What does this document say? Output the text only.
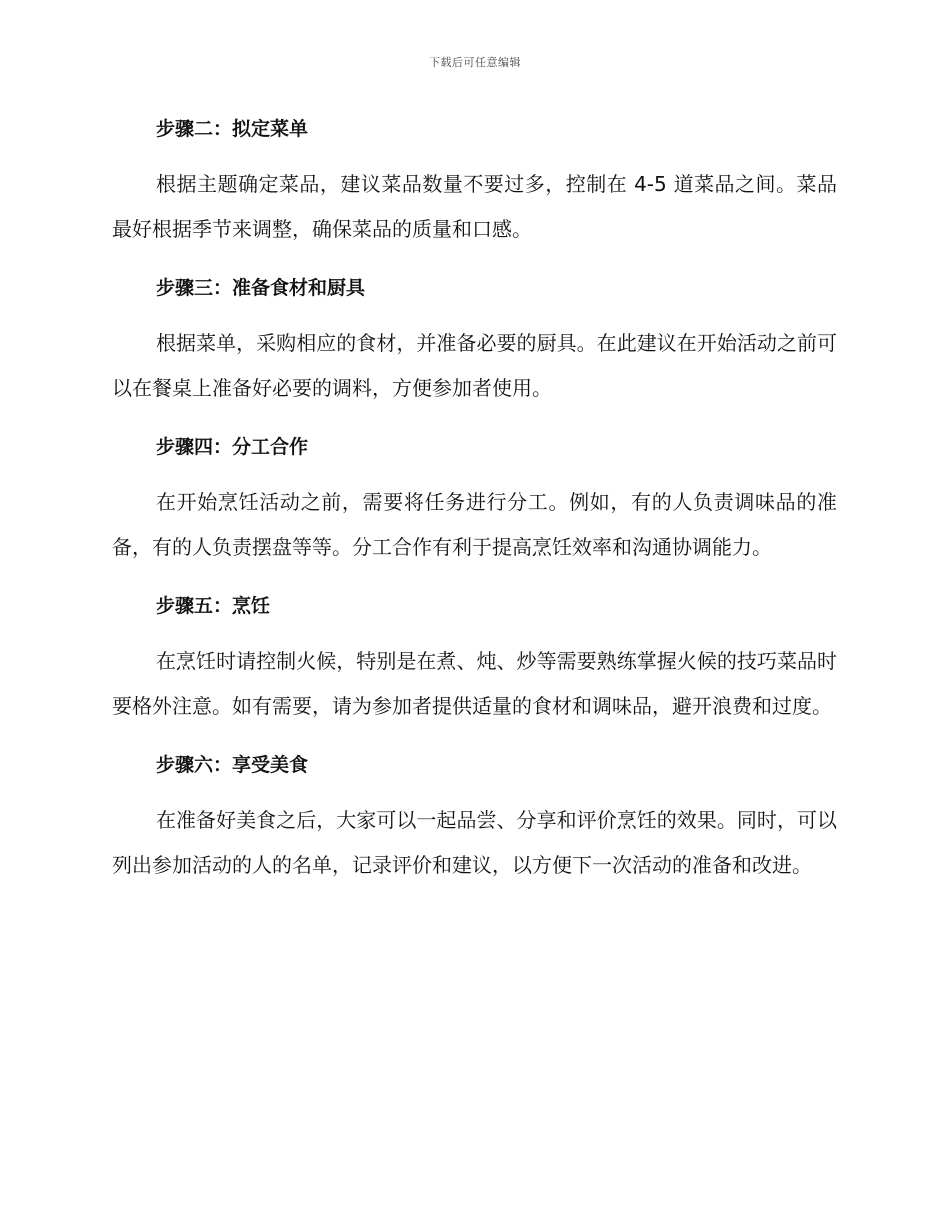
下载后可任意编辑
步骤二：拟定菜单

根据主题确定菜品，建议菜品数量不要过多，控制在 4-5 道菜品之间。菜品最好根据季节来调整，确保菜品的质量和口感。

步骤三：准备食材和厨具

根据菜单，采购相应的食材，并准备必要的厨具。在此建议在开始活动之前可以在餐桌上准备好必要的调料，方便参加者使用。

步骤四：分工合作

在开始烹饪活动之前，需要将任务进行分工。例如，有的人负责调味品的准备，有的人负责摆盘等等。分工合作有利于提高烹饪效率和沟通协调能力。

步骤五：烹饪

在烹饪时请控制火候，特别是在煮、炖、炒等需要熟练掌握火候的技巧菜品时要格外注意。如有需要，请为参加者提供适量的食材和调味品，避开浪费和过度。

步骤六：享受美食

在准备好美食之后，大家可以一起品尝、分享和评价烹饪的效果。同时，可以列出参加活动的人的名单，记录评价和建议，以方便下一次活动的准备和改进。
